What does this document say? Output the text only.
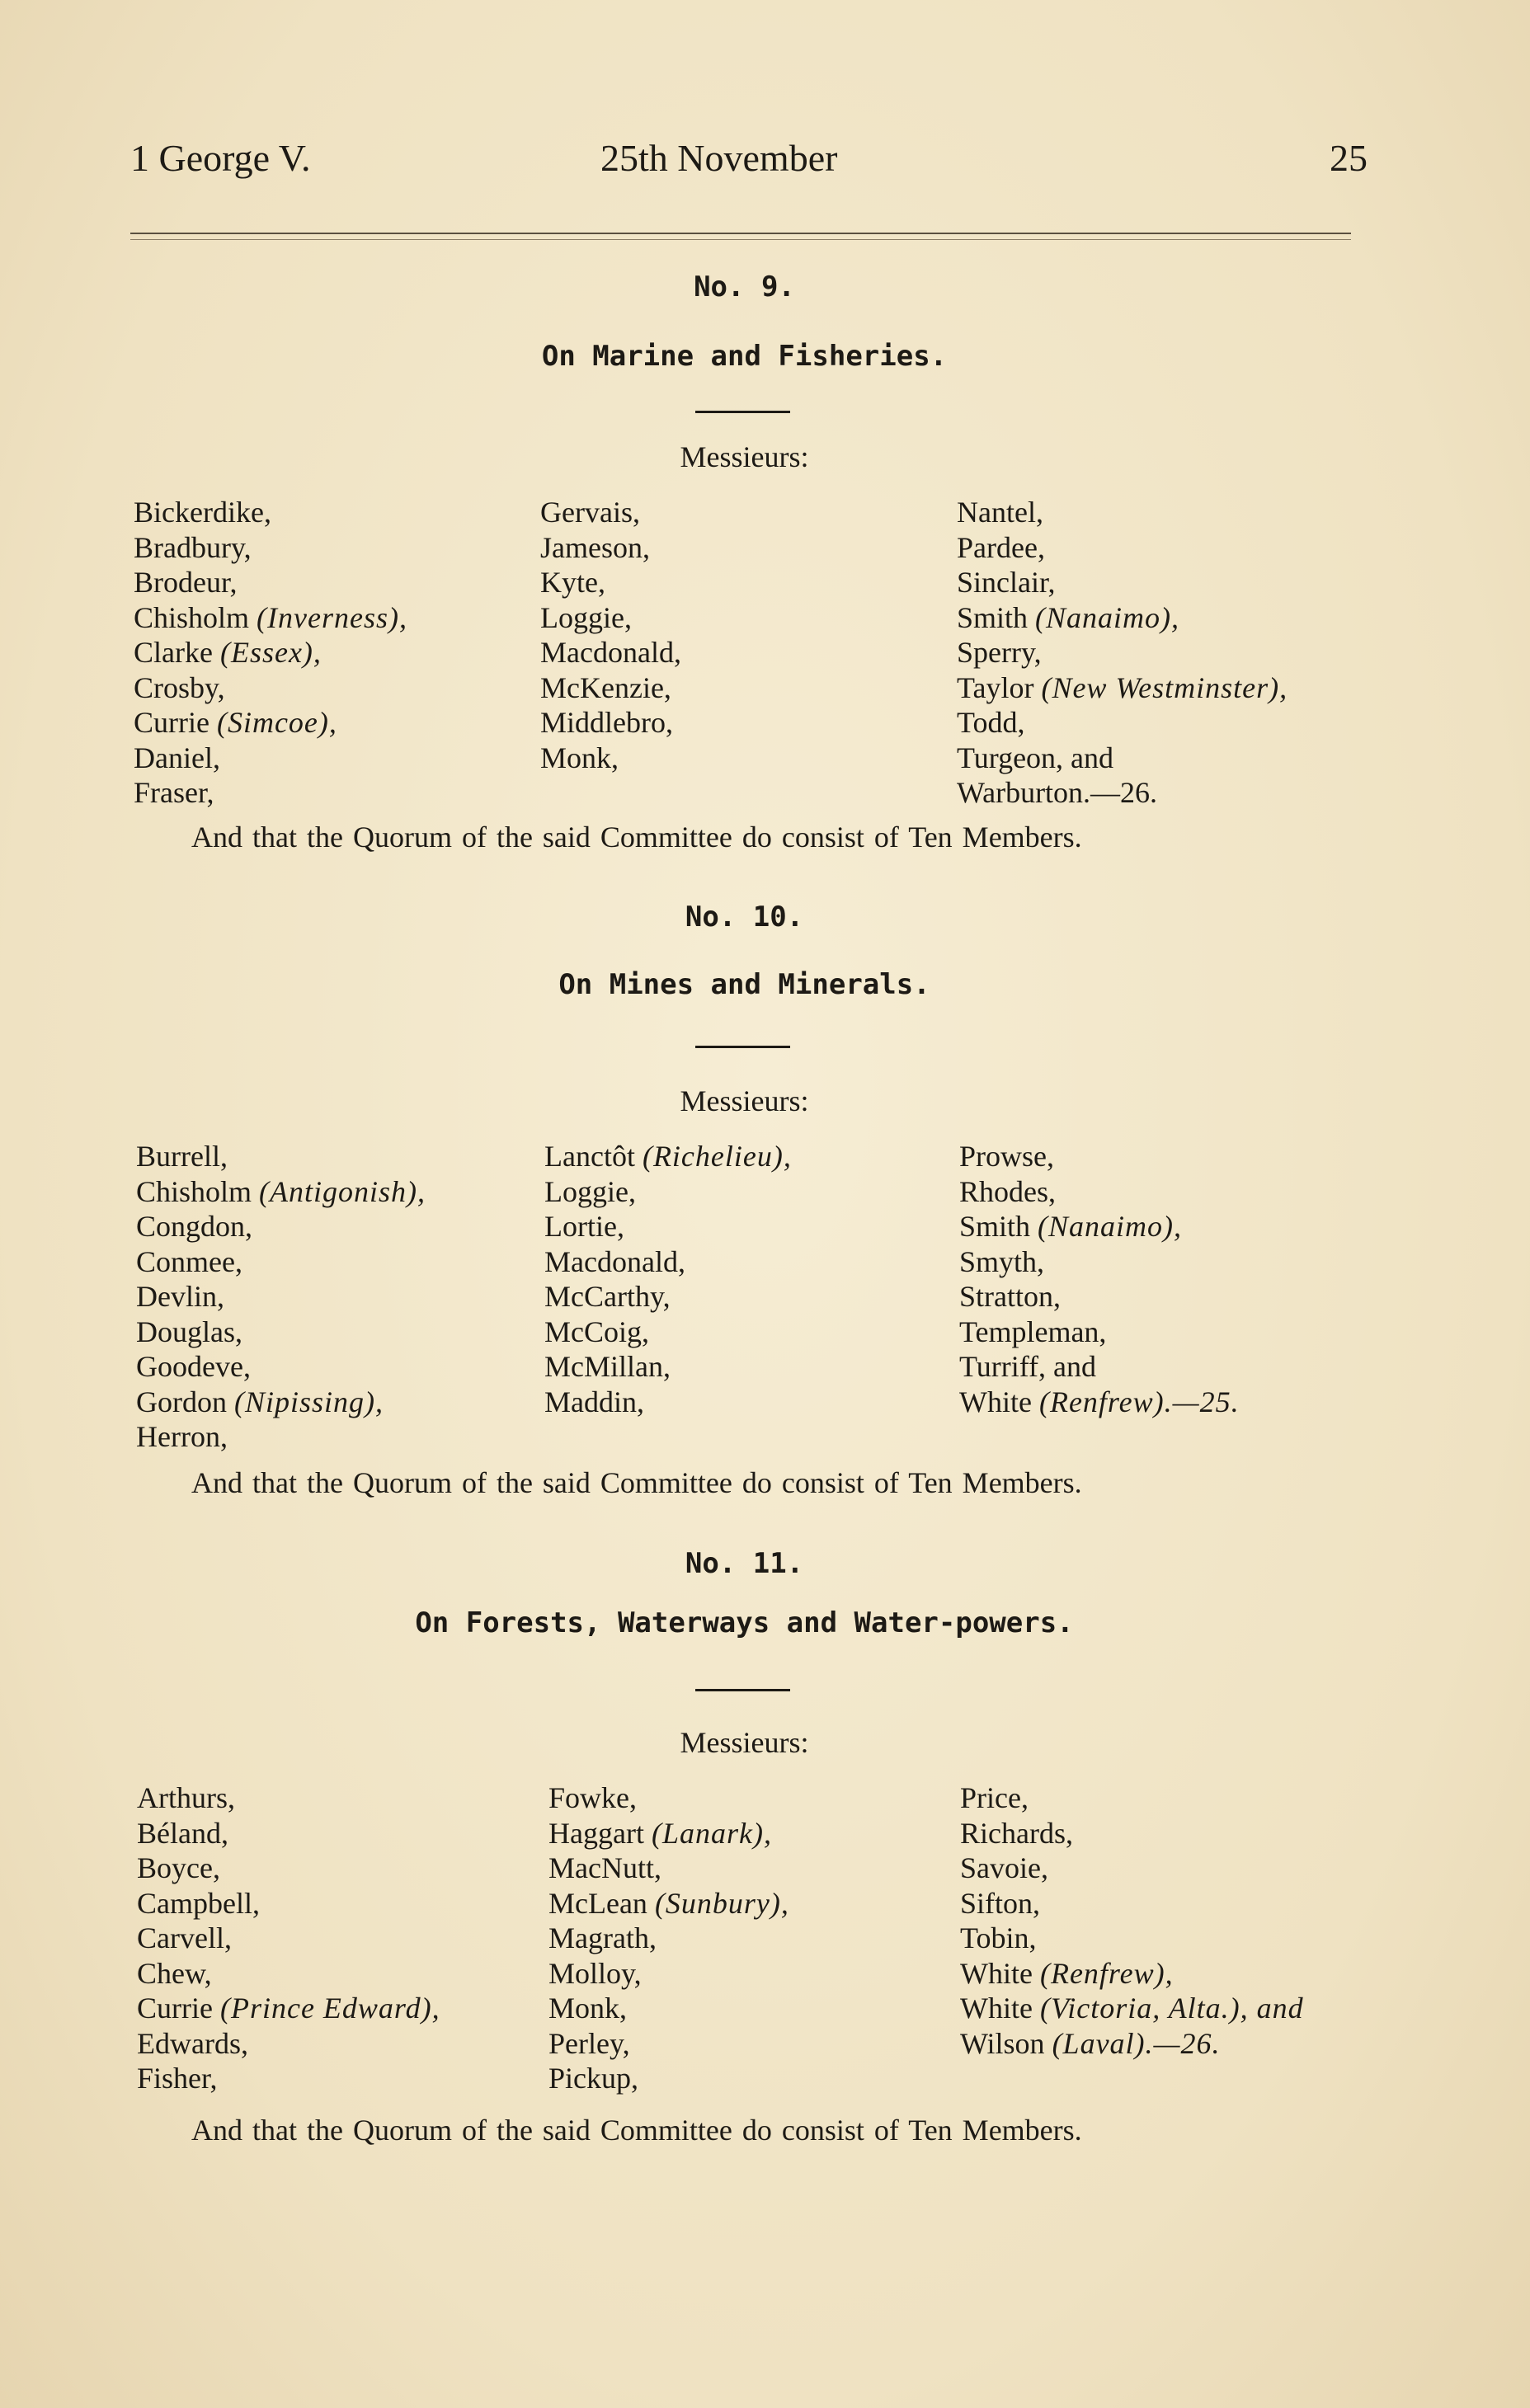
1 George V.	25th November	25
No. 9.
On Marine and Fisheries.
Messieurs:
Bickerdike,
Bradbury,
Brodeur,
Chisholm (Inverness),
Clarke (Essex),
Crosby,
Currie (Simcoe),
Daniel,
Fraser,
Gervais,
Jameson,
Kyte,
Loggie,
Macdonald,
McKenzie,
Middlebro,
Monk,
Nantel,
Pardee,
Sinclair,
Smith (Nanaimo),
Sperry,
Taylor (New Westminster),
Todd,
Turgeon, and
Warburton.—26.
And that the Quorum of the said Committee do consist of Ten Members.
No. 10.
On Mines and Minerals.
Messieurs:
Burrell,
Chisholm (Antigonish),
Congdon,
Conmee,
Devlin,
Douglas,
Goodeve,
Gordon (Nipissing),
Herron,
Lanctôt (Richelieu),
Loggie,
Lortie,
Macdonald,
McCarthy,
McCoig,
McMillan,
Maddin,
Prowse,
Rhodes,
Smith (Nanaimo),
Smyth,
Stratton,
Templeman,
Turriff, and
White (Renfrew).—25.
And that the Quorum of the said Committee do consist of Ten Members.
No. 11.
On Forests, Waterways and Water-powers.
Messieurs:
Arthurs,
Béland,
Boyce,
Campbell,
Carvell,
Chew,
Currie (Prince Edward),
Edwards,
Fisher,
Fowke,
Haggart (Lanark),
MacNutt,
McLean (Sunbury),
Magrath,
Molloy,
Monk,
Perley,
Pickup,
Price,
Richards,
Savoie,
Sifton,
Tobin,
White (Renfrew),
White (Victoria, Alta.), and
Wilson (Laval).—26.
And that the Quorum of the said Committee do consist of Ten Members.
